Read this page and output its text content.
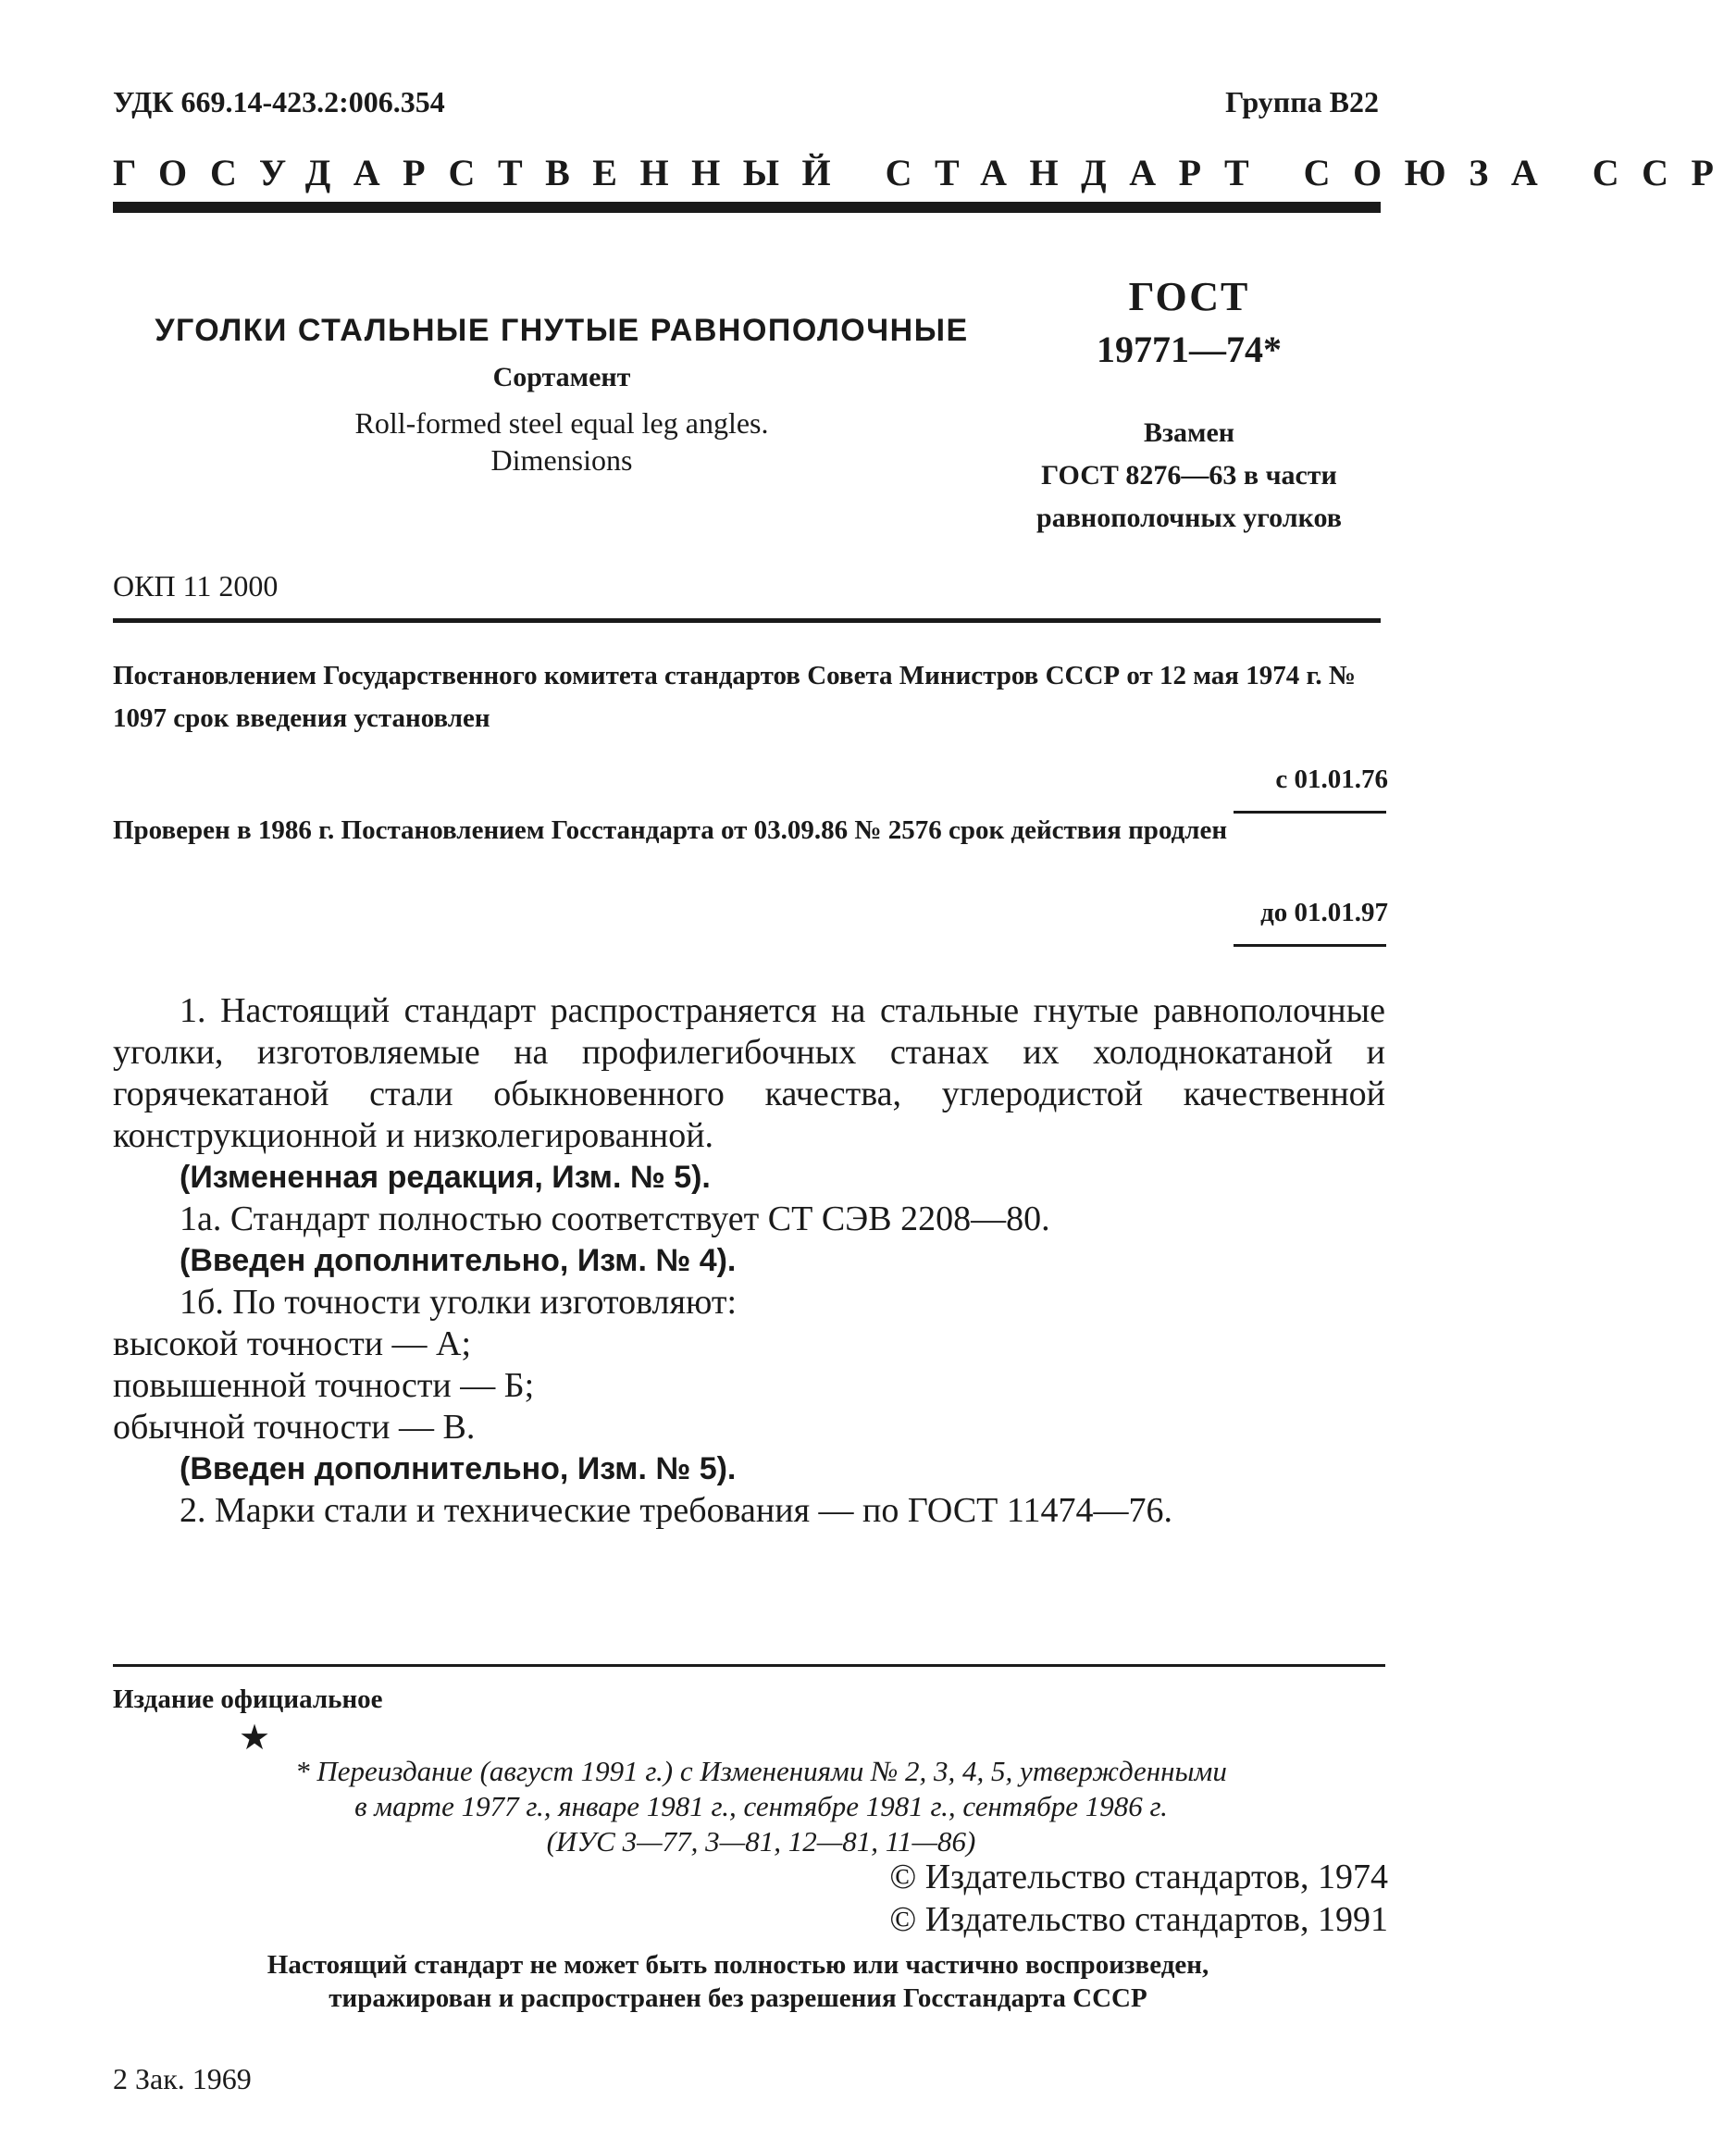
УДК 669.14-423.2:006.354	Группа В22
ГОСУДАРСТВЕННЫЙ СТАНДАРТ СОЮЗА ССР
УГОЛКИ СТАЛЬНЫЕ ГНУТЫЕ РАВНОПОЛОЧНЫЕ
Сортамент
Roll-formed steel equal leg angles.
Dimensions
ГОСТ
19771—74*
Взамен
ГОСТ 8276—63 в части
равнополочных уголков
ОКП 11 2000
Постановлением Государственного комитета стандартов Совета Министров СССР от 12 мая 1974 г. № 1097 срок введения установлен
с 01.01.76
Проверен в 1986 г. Постановлением Госстандарта от 03.09.86 № 2576 срок действия продлен
до 01.01.97
1. Настоящий стандарт распространяется на стальные гнутые равнополочные уголки, изготовляемые на профилегибочных станах их холоднокатаной и горячекатаной стали обыкновенного качества, углеродистой качественной конструкционной и низколегированной.
(Измененная редакция, Изм. № 5).
1а. Стандарт полностью соответствует СТ СЭВ 2208—80.
(Введен дополнительно, Изм. № 4).
1б. По точности уголки изготовляют:
высокой точности — А;
повышенной точности — Б;
обычной точности — В.
(Введен дополнительно, Изм. № 5).
2. Марки стали и технические требования — по ГОСТ 11474—76.
Издание официальное
★
* Переиздание (август 1991 г.) с Изменениями № 2, 3, 4, 5, утвержденными
в марте 1977 г., январе 1981 г., сентябре 1981 г., сентябре 1986 г.
(ИУС 3—77, 3—81, 12—81, 11—86)
© Издательство стандартов, 1974
© Издательство стандартов, 1991
Настоящий стандарт не может быть полностью или частично воспроизведен,
тиражирован и распространен без разрешения Госстандарта СССР
2 Зак. 1969
